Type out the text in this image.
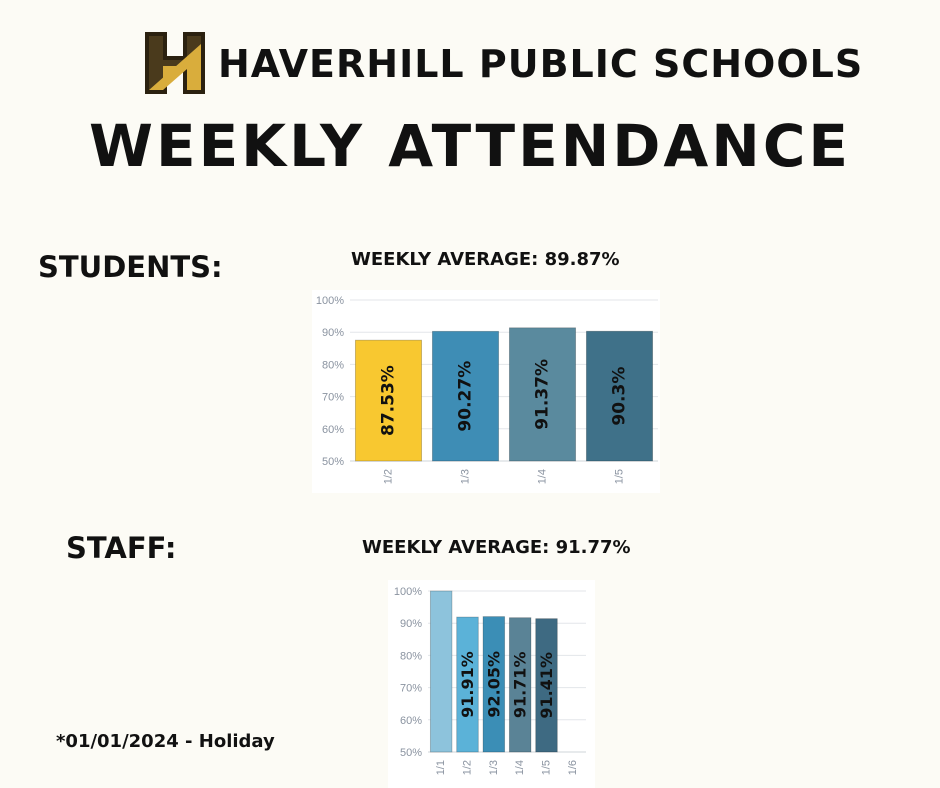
HAVERHILL PUBLIC SCHOOLS
WEEKLY ATTENDANCE
STUDENTS:	WEEKLY AVERAGE: 89.87%
50%
60%
70%
80%
90%
100%
87.53%
1/2
90.27%
1/3
91.37%
1/4
90.3%
1/5
STAFF:	WEEKLY AVERAGE: 91.77%
50%
60%
70%
80%
90%
100%
1/1
91.91%
1/2
92.05%
1/3
91.71%
1/4
91.41%
1/5 1/6
*01/01/2024 - Holiday
